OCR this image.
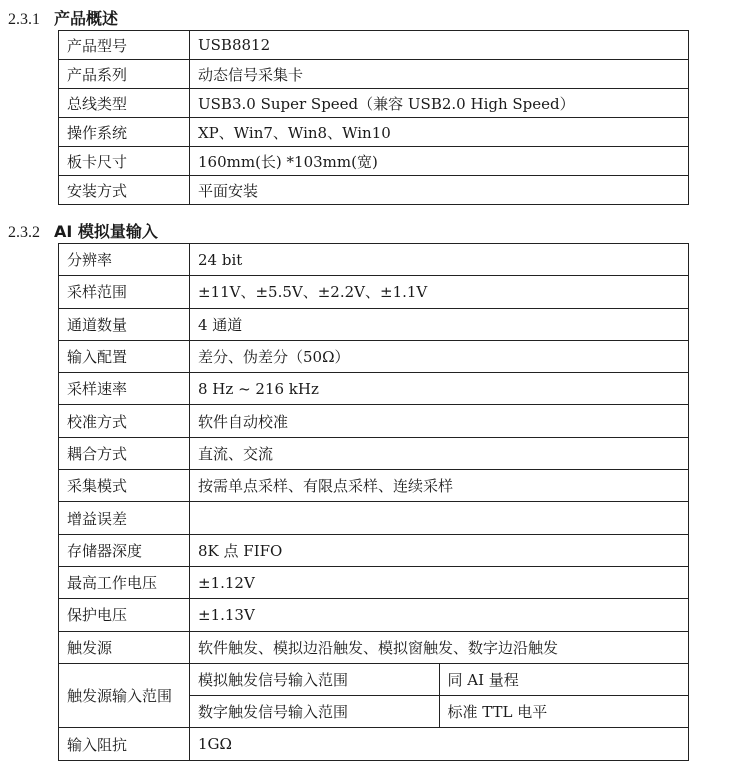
2.3.1 产品概述
产品型号	USB8812
产品系列	动态信号采集卡
总线类型	USB3.0 Super Speed（兼容 USB2.0 High Speed）
操作系统	XP、Win7、Win8、Win10
板卡尺寸	160mm(长) *103mm(宽)
安装方式	平面安装
2.3.2 AI 模拟量输入
分辨率	24 bit	
采样范围	±11V、±5.5V、±2.2V、±1.1V	
通道数量	4 通道	
输入配置	差分、伪差分（50Ω）	
采样速率	8 Hz ~ 216 kHz	
校准方式	软件自动校准	
耦合方式	直流、交流	
采集模式	按需单点采样、有限点采样、连续采样	
增益误差		
存储器深度	8K 点 FIFO	
最高工作电压	±1.12V	
保护电压	±1.13V	
触发源	软件触发、模拟边沿触发、模拟窗触发、数字边沿触发	
触发源输入范围	模拟触发信号输入范围	同 AI 量程
	数字触发信号输入范围	标准 TTL 电平
输入阻抗	1GΩ	
